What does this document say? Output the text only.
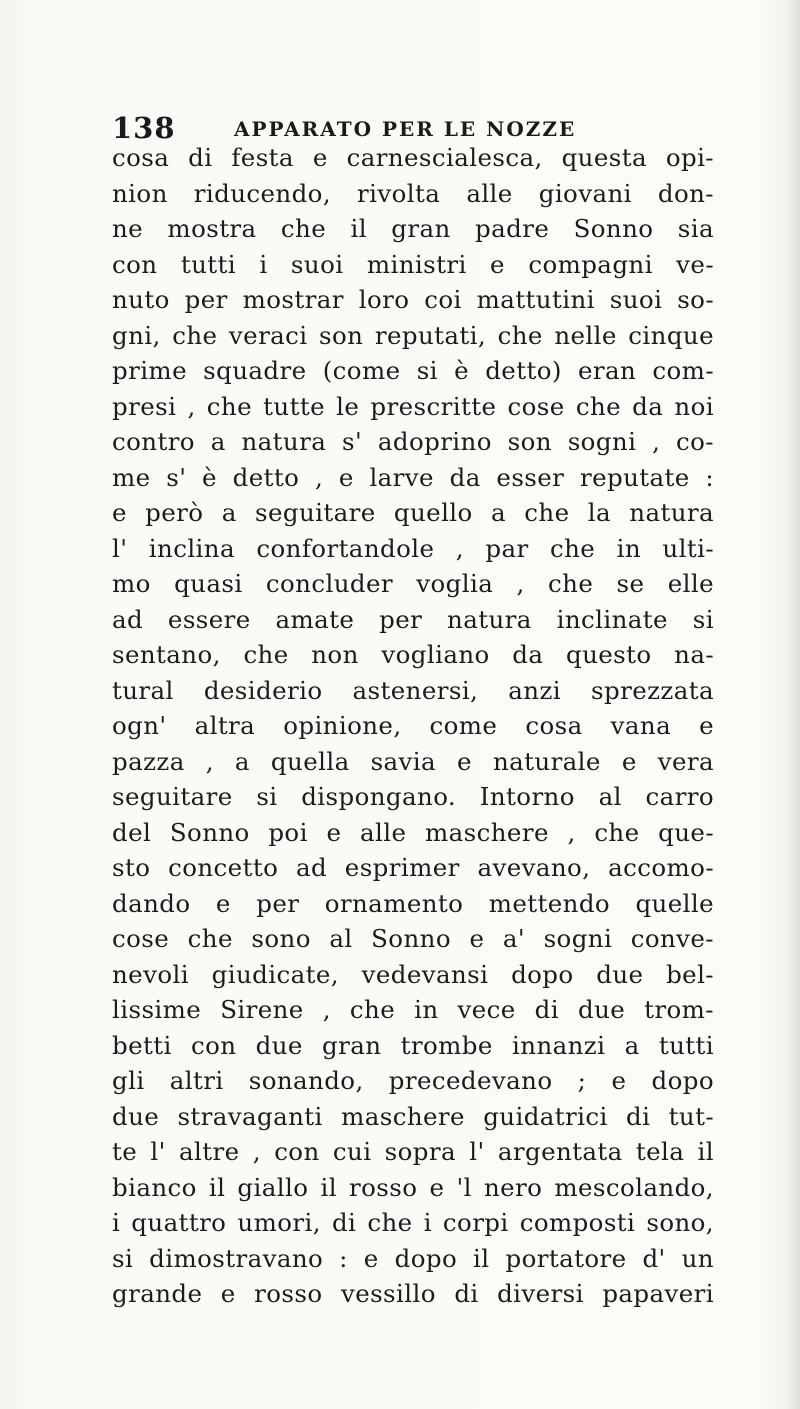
138	APPARATO PER LE NOZZE
cosa di festa e carnescialesca, questa opi-
nion riducendo, rivolta alle giovani don-
ne mostra che il gran padre Sonno sia
con tutti i suoi ministri e compagni ve-
nuto per mostrar loro coi mattutini suoi so-
gni, che veraci son reputati, che nelle cinque
prime squadre (come si è detto) eran com-
presi , che tutte le prescritte cose che da noi
contro a natura s' adoprino son sogni , co-
me s' è detto , e larve da esser reputate :
e però a seguitare quello a che la natura
l' inclina confortandole , par che in ulti-
mo quasi concluder voglia , che se elle
ad essere amate per natura inclinate si
sentano, che non vogliano da questo na-
tural desiderio astenersi, anzi sprezzata
ogn' altra opinione, come cosa vana e
pazza , a quella savia e naturale e vera
seguitare si dispongano. Intorno al carro
del Sonno poi e alle maschere , che que-
sto concetto ad esprimer avevano, accomo-
dando e per ornamento mettendo quelle
cose che sono al Sonno e a' sogni conve-
nevoli giudicate, vedevansi dopo due bel-
lissime Sirene , che in vece di due trom-
betti con due gran trombe innanzi a tutti
gli altri sonando, precedevano ; e dopo
due stravaganti maschere guidatrici di tut-
te l' altre , con cui sopra l' argentata tela il
bianco il giallo il rosso e 'l nero mescolando,
i quattro umori, di che i corpi composti sono,
si dimostravano : e dopo il portatore d' un
grande e rosso vessillo di diversi papaveri
